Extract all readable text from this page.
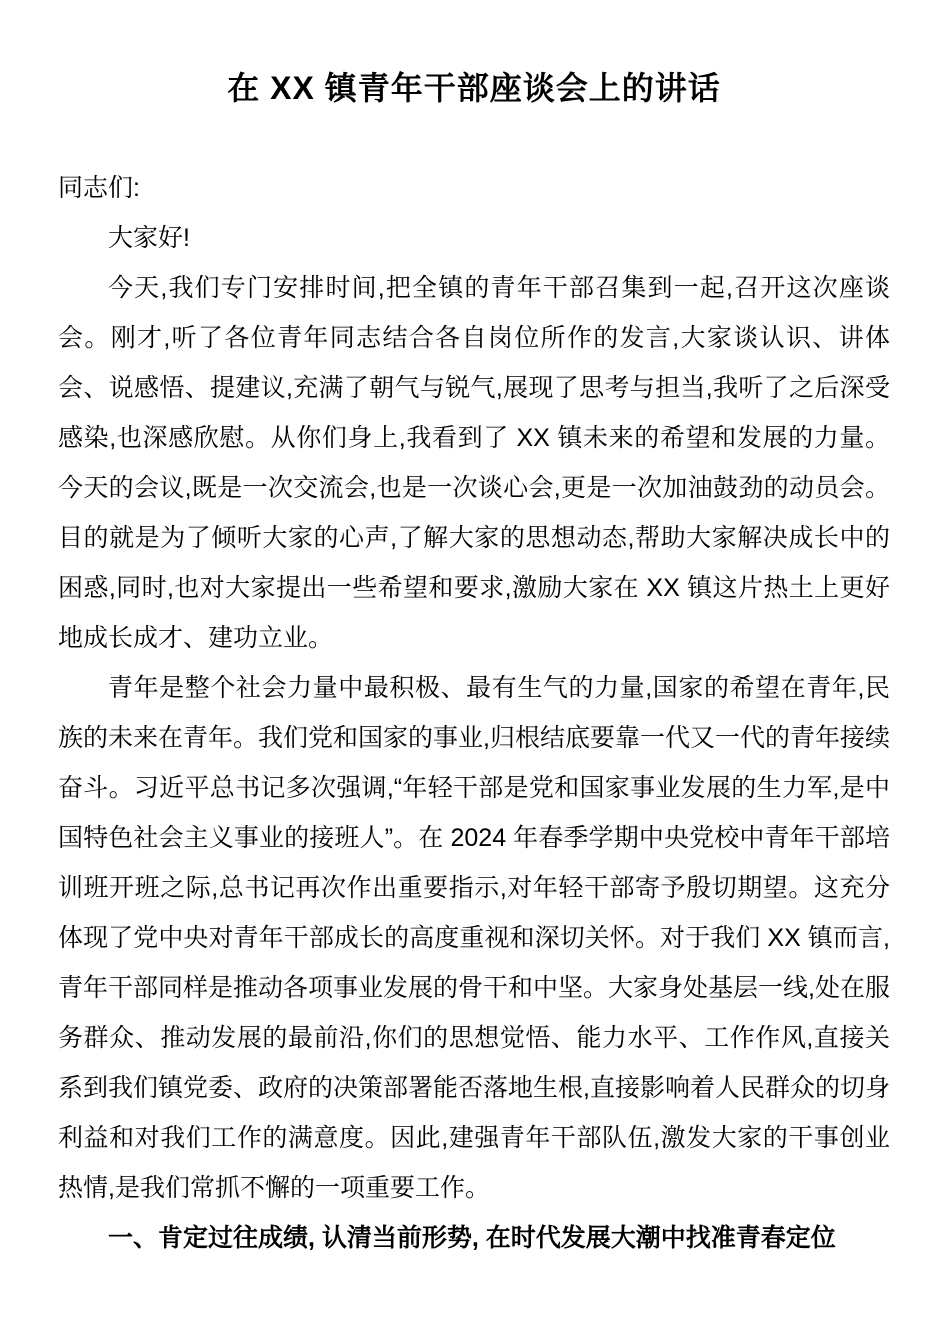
在 XX 镇青年干部座谈会上的讲话

同志们:

大家好!

今天,我们专门安排时间,把全镇的青年干部召集到一起,召开这次座谈会。刚才,听了各位青年同志结合各自岗位所作的发言,大家谈认识、讲体会、说感悟、提建议,充满了朝气与锐气,展现了思考与担当,我听了之后深受感染,也深感欣慰。从你们身上,我看到了 XX 镇未来的希望和发展的力量。今天的会议,既是一次交流会,也是一次谈心会,更是一次加油鼓劲的动员会。目的就是为了倾听大家的心声,了解大家的思想动态,帮助大家解决成长中的困惑,同时,也对大家提出一些希望和要求,激励大家在 XX 镇这片热土上更好地成长成才、建功立业。

青年是整个社会力量中最积极、最有生气的力量,国家的希望在青年,民族的未来在青年。我们党和国家的事业,归根结底要靠一代又一代的青年接续奋斗。习近平总书记多次强调,“年轻干部是党和国家事业发展的生力军,是中国特色社会主义事业的接班人”。在 2024 年春季学期中央党校中青年干部培训班开班之际,总书记再次作出重要指示,对年轻干部寄予殷切期望。这充分体现了党中央对青年干部成长的高度重视和深切关怀。对于我们 XX 镇而言,青年干部同样是推动各项事业发展的骨干和中坚。大家身处基层一线,处在服务群众、推动发展的最前沿,你们的思想觉悟、能力水平、工作作风,直接关系到我们镇党委、政府的决策部署能否落地生根,直接影响着人民群众的切身利益和对我们工作的满意度。因此,建强青年干部队伍,激发大家的干事创业热情,是我们常抓不懈的一项重要工作。

一、肯定过往成绩, 认清当前形势, 在时代发展大潮中找准青春定位
